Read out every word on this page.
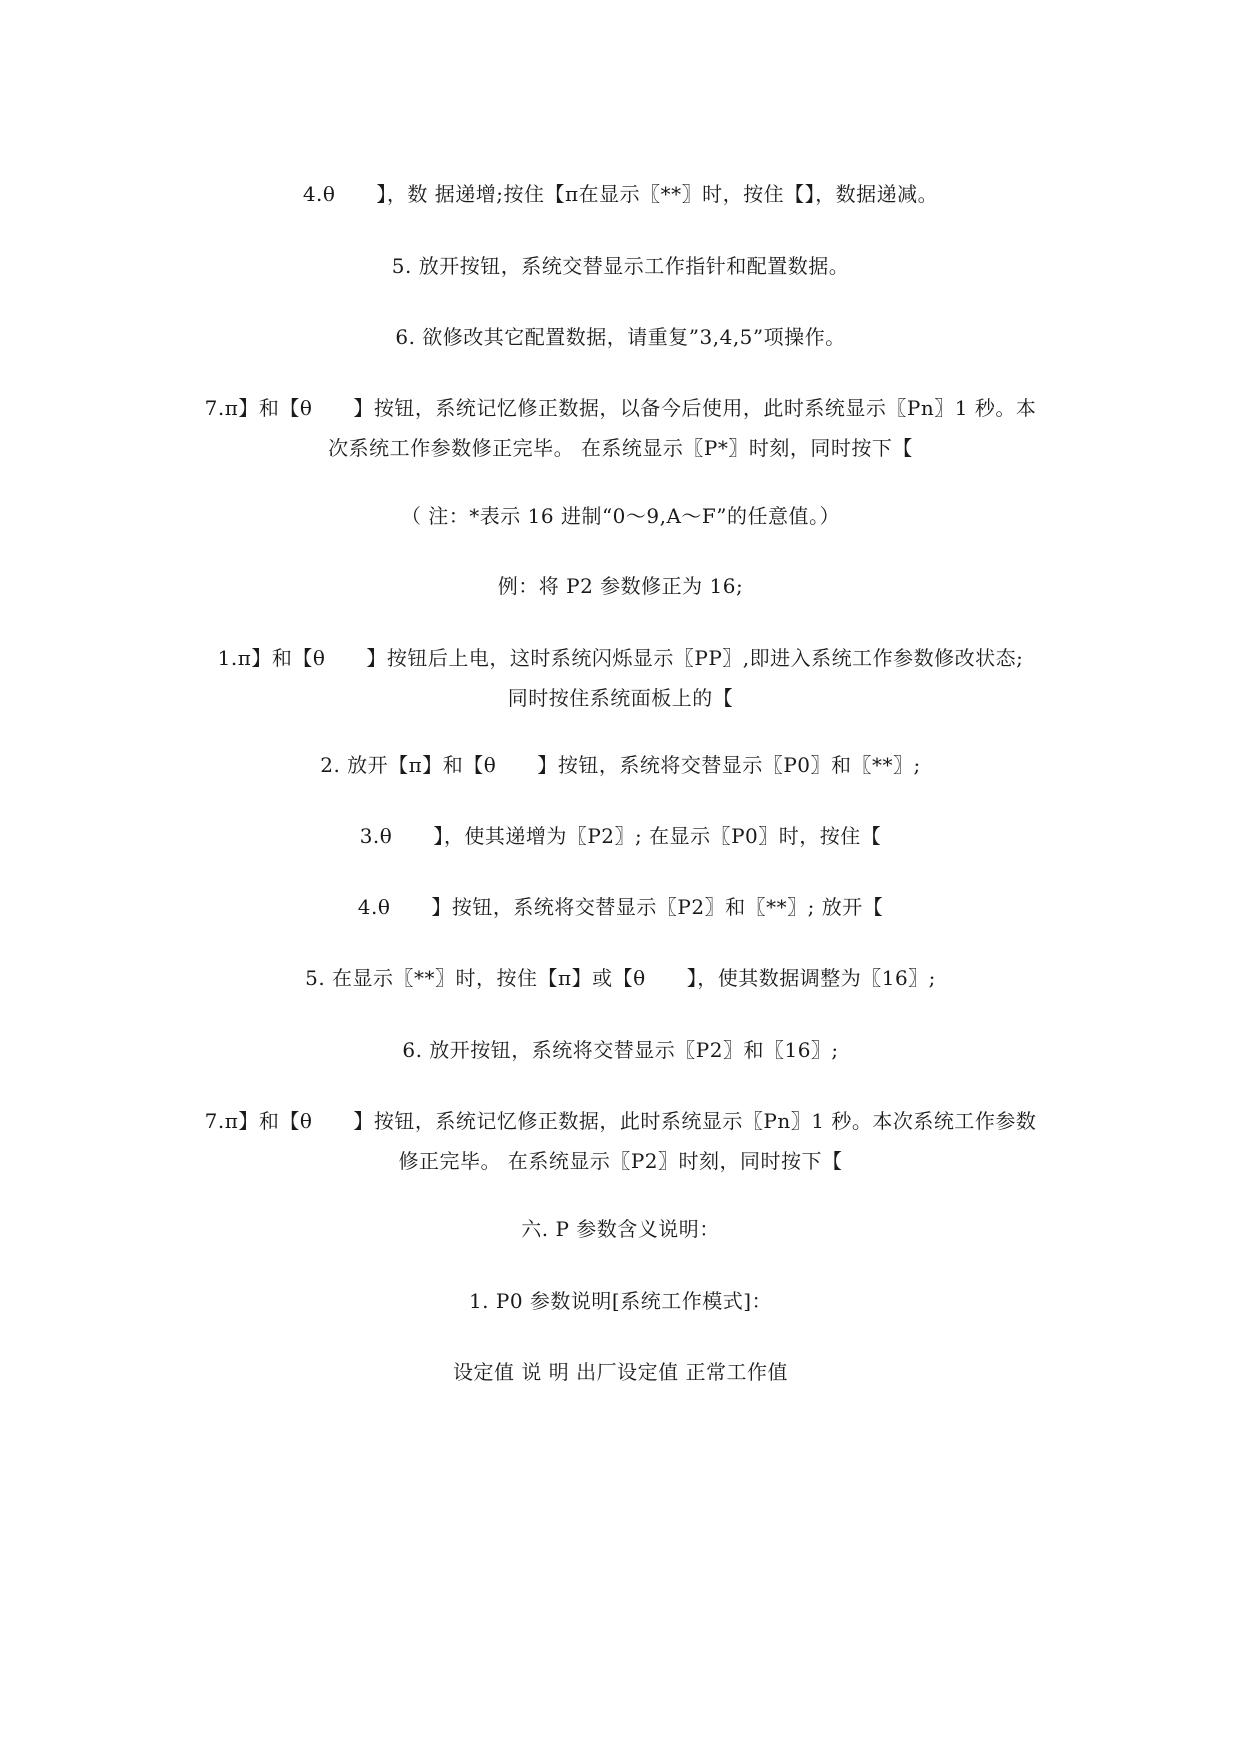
4.θ　　】，数 据递增;按住【π在显示〖**〗时，按住【】，数据递减。
5. 放开按钮，系统交替显示工作指针和配置数据。
6. 欲修改其它配置数据，请重复”3,4,5”项操作。
7.π】和【θ　　】按钮，系统记忆修正数据，以备今后使用，此时系统显示〖Pn〗1 秒。本
次系统工作参数修正完毕。 在系统显示〖P*〗时刻，同时按下【
（ 注：*表示 16 进制“0～9,A～F”的任意值。）
例：将 P2 参数修正为 16;
1.π】和【θ　　】按钮后上电，这时系统闪烁显示〖PP〗,即进入系统工作参数修改状态;
同时按住系统面板上的【
2. 放开【π】和【θ　　】按钮，系统将交替显示〖P0〗和〖**〗;
3.θ　　】，使其递增为〖P2〗; 在显示〖P0〗时，按住【
4.θ　　】按钮，系统将交替显示〖P2〗和〖**〗; 放开【
5. 在显示〖**〗时，按住【π】或【θ　　】，使其数据调整为〖16〗;
6. 放开按钮，系统将交替显示〖P2〗和〖16〗;
7.π】和【θ　　】按钮，系统记忆修正数据，此时系统显示〖Pn〗1 秒。本次系统工作参数
修正完毕。 在系统显示〖P2〗时刻，同时按下【
六. P 参数含义说明：
1. P0 参数说明[系统工作模式]：
设定值 说 明 出厂设定值 正常工作值
